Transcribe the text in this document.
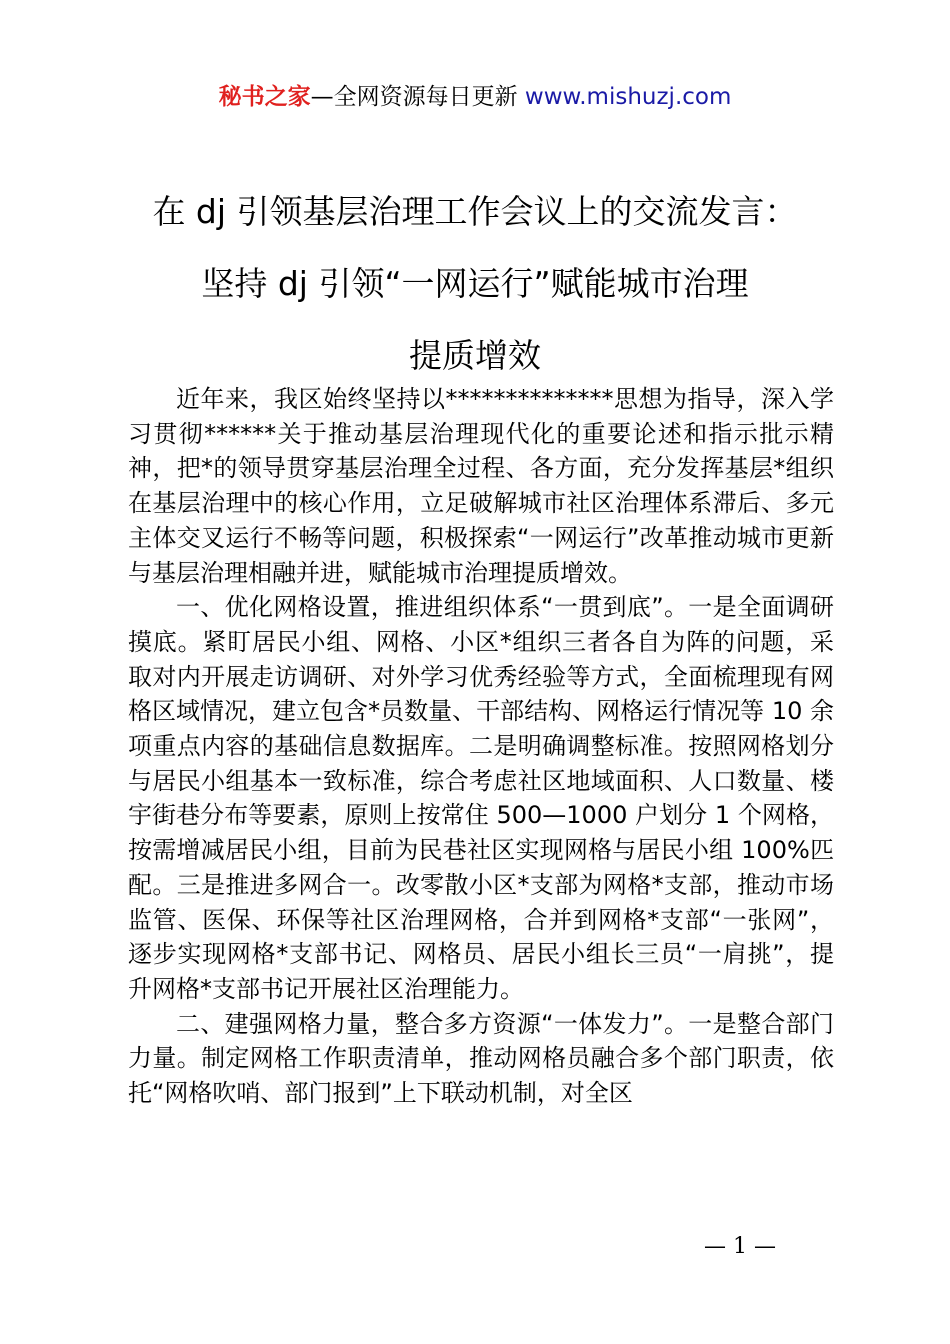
秘书之家—全网资源每日更新 www.mishuzj.com
在 dj 引领基层治理工作会议上的交流发言：
坚持 dj 引领“一网运行”赋能城市治理
提质增效

近年来，我区始终坚持以**************思想为指导，深入学习贯彻******关于推动基层治理现代化的重要论述和指示批示精神，把*的领导贯穿基层治理全过程、各方面，充分发挥基层*组织在基层治理中的核心作用，立足破解城市社区治理体系滞后、多元主体交叉运行不畅等问题，积极探索“一网运行”改革推动城市更新与基层治理相融并进，赋能城市治理提质增效。

一、优化网格设置，推进组织体系“一贯到底”。一是全面调研摸底。紧盯居民小组、网格、小区*组织三者各自为阵的问题，采取对内开展走访调研、对外学习优秀经验等方式，全面梳理现有网格区域情况，建立包含*员数量、干部结构、网格运行情况等 10 余项重点内容的基础信息数据库。二是明确调整标准。按照网格划分与居民小组基本一致标准，综合考虑社区地域面积、人口数量、楼宇街巷分布等要素，原则上按常住 500—1000 户划分 1 个网格，按需增减居民小组，目前为民巷社区实现网格与居民小组 100%匹配。三是推进多网合一。改零散小区*支部为网格*支部，推动市场监管、医保、环保等社区治理网格，合并到网格*支部“一张网”，逐步实现网格*支部书记、网格员、居民小组长三员“一肩挑”，提升网格*支部书记开展社区治理能力。

二、建强网格力量，整合多方资源“一体发力”。一是整合部门力量。制定网格工作职责清单，推动网格员融合多个部门职责，依托“网格吹哨、部门报到”上下联动机制，对全区

— 1 —
